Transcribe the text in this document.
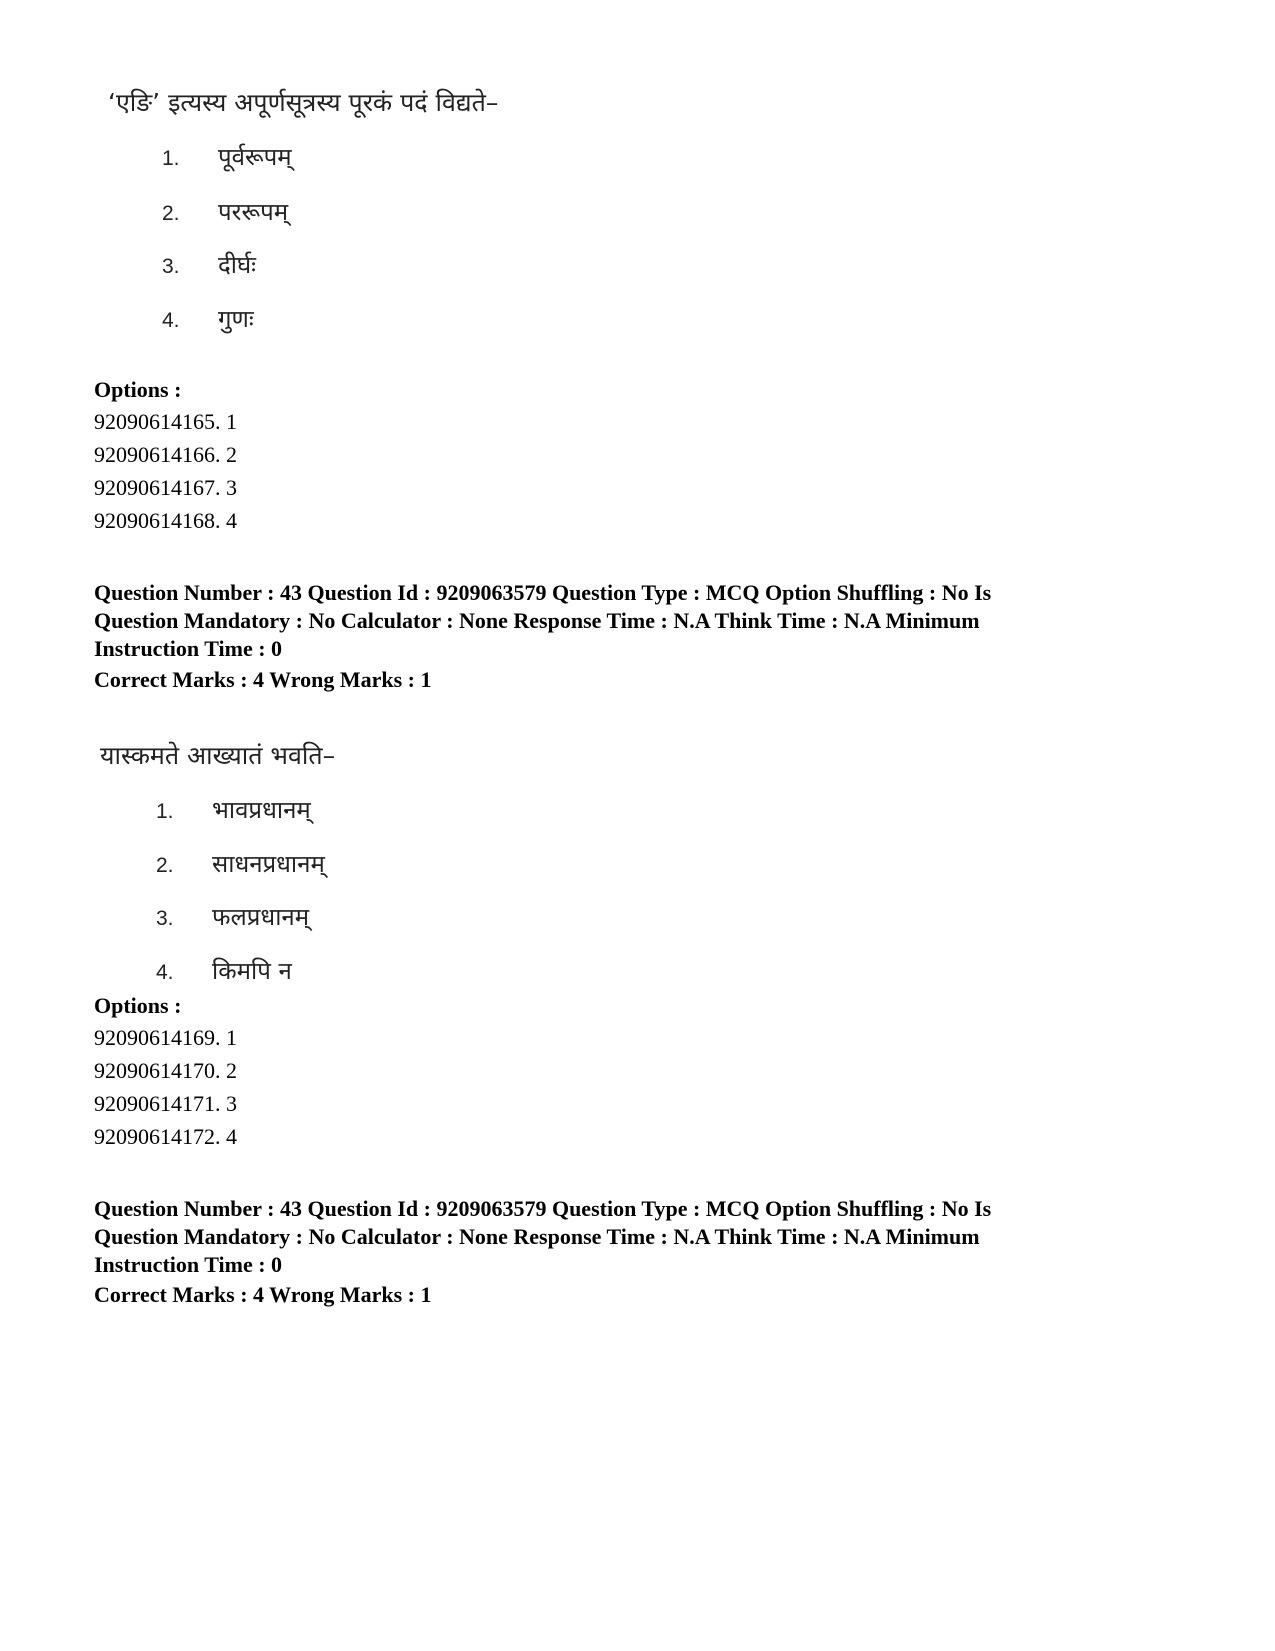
‘एङि’ इत्यस्य अपूर्णसूत्रस्य पूरकं पदं विद्यते–
1. पूर्वरूपम्
2. पररूपम्
3. दीर्घः
4. गुणः
Options :
92090614165. 1
92090614166. 2
92090614167. 3
92090614168. 4
Question Number : 43 Question Id : 9209063579 Question Type : MCQ Option Shuffling : No Is
Question Mandatory : No Calculator : None Response Time : N.A Think Time : N.A Minimum
Instruction Time : 0
Correct Marks : 4 Wrong Marks : 1
यास्कमते आख्यातं भवति–
1. भावप्रधानम्
2. साधनप्रधानम्
3. फलप्रधानम्
4. किमपि न
Options :
92090614169. 1
92090614170. 2
92090614171. 3
92090614172. 4
Question Number : 43 Question Id : 9209063579 Question Type : MCQ Option Shuffling : No Is
Question Mandatory : No Calculator : None Response Time : N.A Think Time : N.A Minimum
Instruction Time : 0
Correct Marks : 4 Wrong Marks : 1
